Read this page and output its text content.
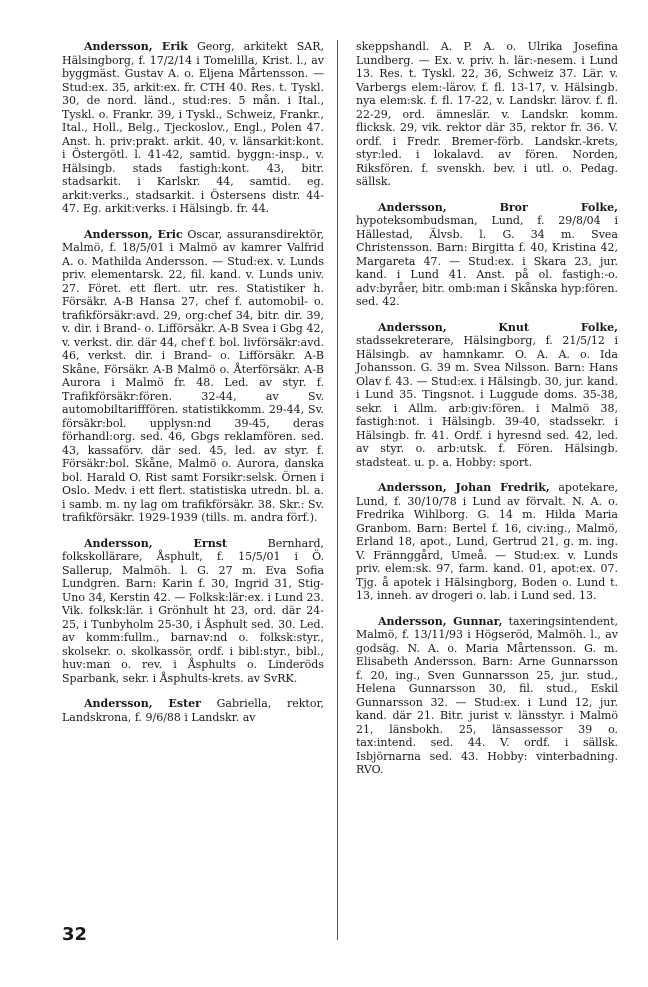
Andersson, Erik Georg, arkitekt SAR, Hälsingborg, f. 17/2/14 i Tomelilla, Krist. l., av byggmäst. Gustav A. o. Eljena Mårtensson. — Stud:ex. 35, arkit:ex. fr. CTH 40. Res. t. Tyskl. 30, de nord. länd., stud:res. 5 mån. i Ital., Tyskl. o. Frankr. 39, i Tyskl., Schweiz, Frankr., Ital., Holl., Belg., Tjeckoslov., Engl., Polen 47. Anst. h. priv:prakt. arkit. 40, v. länsarkit:kont. i Östergötl. l. 41-42, samtid. byggn:-insp., v. Hälsingb. stads fastigh:kont. 43, bitr. stadsarkit. i Karlskr. 44, samtid. eg. arkit:verks., stadsarkit. i Östersens distr. 44-47. Eg. arkit:verks. i Hälsingb. fr. 44.

Andersson, Eric Oscar, assuransdirektör, Malmö, f. 18/5/01 i Malmö av kamrer Valfrid A. o. Mathilda Andersson. — Stud:ex. v. Lunds priv. elementarsk. 22, fil. kand. v. Lunds univ. 27. Föret. ett flert. utr. res. Statistiker h. Försäkr. A-B Hansa 27, chef f. automobil- o. trafikförsäkr:avd. 29, org:chef 34, bitr. dir. 39, v. dir. i Brand- o. Lifförsäkr. A-B Svea i Gbg 42, v. verkst. dir. där 44, chef f. bol. livförsäkr:avd. 46, verkst. dir. i Brand- o. Lifförsäkr. A-B Skåne, Försäkr. A-B Malmö o. Återförsäkr. A-B Aurora i Malmö fr. 48. Led. av styr. f. Trafikförsäkr:fören. 32-44, av Sv. automobiltarifffören. statistikkomm. 29-44, Sv. försäkr:bol. upplysn:nd 39-45, deras förhandl:org. sed. 46, Gbgs reklamfören. sed. 43, kassaförv. där sed. 45, led. av styr. f. Försäkr:bol. Skåne, Malmö o. Aurora, danska bol. Harald O. Rist samt Forsikr:selsk. Örnen i Oslo. Medv. i ett flert. statistiska utredn. bl. a. i samb. m. ny lag om trafikförsäkr. 38. Skr.: Sv. trafikförsäkr. 1929-1939 (tills. m. andra förf.).

Andersson, Ernst Bernhard, folkskollärare, Åsphult, f. 15/5/01 i Ö. Sallerup, Malmöh. l. G. 27 m. Eva Sofia Lundgren. Barn: Karin f. 30, Ingrid 31, Stig-Uno 34, Kerstin 42. — Folksk:lär:ex. i Lund 23. Vik. folksk:lär. i Grönhult ht 23, ord. där 24-25, i Tunbyholm 25-30, i Åsphult sed. 30. Led. av komm:fullm., barnav:nd o. folksk:styr., skolsekr. o. skolkassör, ordf. i bibl:styr., bibl., huv:man o. rev. i Åsphults o. Linderöds Sparbank, sekr. i Åsphults-krets. av SvRK.

Andersson, Ester Gabriella, rektor, Landskrona, f. 9/6/88 i Landskr. av

skeppshandl. A. P. A. o. Ulrika Josefina Lundberg. — Ex. v. priv. h. lär:-nesem. i Lund 13. Res. t. Tyskl. 22, 36, Schweiz 37. Lär. v. Varbergs elem:-lärov. f. fl. 13-17, v. Hälsingb. nya elem:sk. f. fl. 17-22, v. Landskr. lärov. f. fl. 22-29, ord. ämneslär. v. Landskr. komm. flicksk. 29, vik. rektor där 35, rektor fr. 36. V. ordf. i Fredr. Bremer-förb. Landskr.-krets, styr:led. i lokalavd. av fören. Norden, Riksfören. f. svenskh. bev. i utl. o. Pedag. sällsk.

Andersson, Bror Folke, hypoteksombudsman, Lund, f. 29/8/04 i Hällestad, Älvsb. l. G. 34 m. Svea Christensson. Barn: Birgitta f. 40, Kristina 42, Margareta 47. — Stud:ex. i Skara 23, jur. kand. i Lund 41. Anst. på ol. fastigh:-o. adv:byråer, bitr. omb:man i Skånska hyp:fören. sed. 42.

Andersson, Knut Folke, stadssekreterare, Hälsingborg, f. 21/5/12 i Hälsingb. av hamnkamr. O. A. A. o. Ida Johansson. G. 39 m. Svea Nilsson. Barn: Hans Olav f. 43. — Stud:ex. i Hälsingb. 30, jur. kand. i Lund 35. Tingsnot. i Luggude doms. 35-38, sekr. i Allm. arb:giv:fören. i Malmö 38, fastigh:not. i Hälsingb. 39-40, stadssekr. i Hälsingb. fr. 41. Ordf. i hyresnd sed. 42, led. av styr. o. arb:utsk. f. Fören. Hälsingb. stadsteat. u. p. a. Hobby: sport.

Andersson, Johan Fredrik, apotekare, Lund, f. 30/10/78 i Lund av förvalt. N. A. o. Fredrika Wihlborg. G. 14 m. Hilda Maria Granbom. Barn: Bertel f. 16, civ:ing., Malmö, Erland 18, apot., Lund, Gertrud 21, g. m. ing. V. Frännggård, Umeå. — Stud:ex. v. Lunds priv. elem:sk. 97, farm. kand. 01, apot:ex. 07. Tjg. å apotek i Hälsingborg, Boden o. Lund t. 13, inneh. av drogeri o. lab. i Lund sed. 13.

Andersson, Gunnar, taxeringsintendent, Malmö, f. 13/11/93 i Högseröd, Malmöh. l., av godsäg. N. A. o. Maria Mårtensson. G. m. Elisabeth Andersson. Barn: Arne Gunnarsson f. 20, ing., Sven Gunnarsson 25, jur. stud., Helena Gunnarsson 30, fil. stud., Eskil Gunnarsson 32. — Stud:ex. i Lund 12, jur. kand. där 21. Bitr. jurist v. länsstyr. i Malmö 21, länsbokh. 25, länsassessor 39 o. tax:intend. sed. 44. V. ordf. i sällsk. Isbjörnarna sed. 43. Hobby: vinterbadning. RVO.

32
